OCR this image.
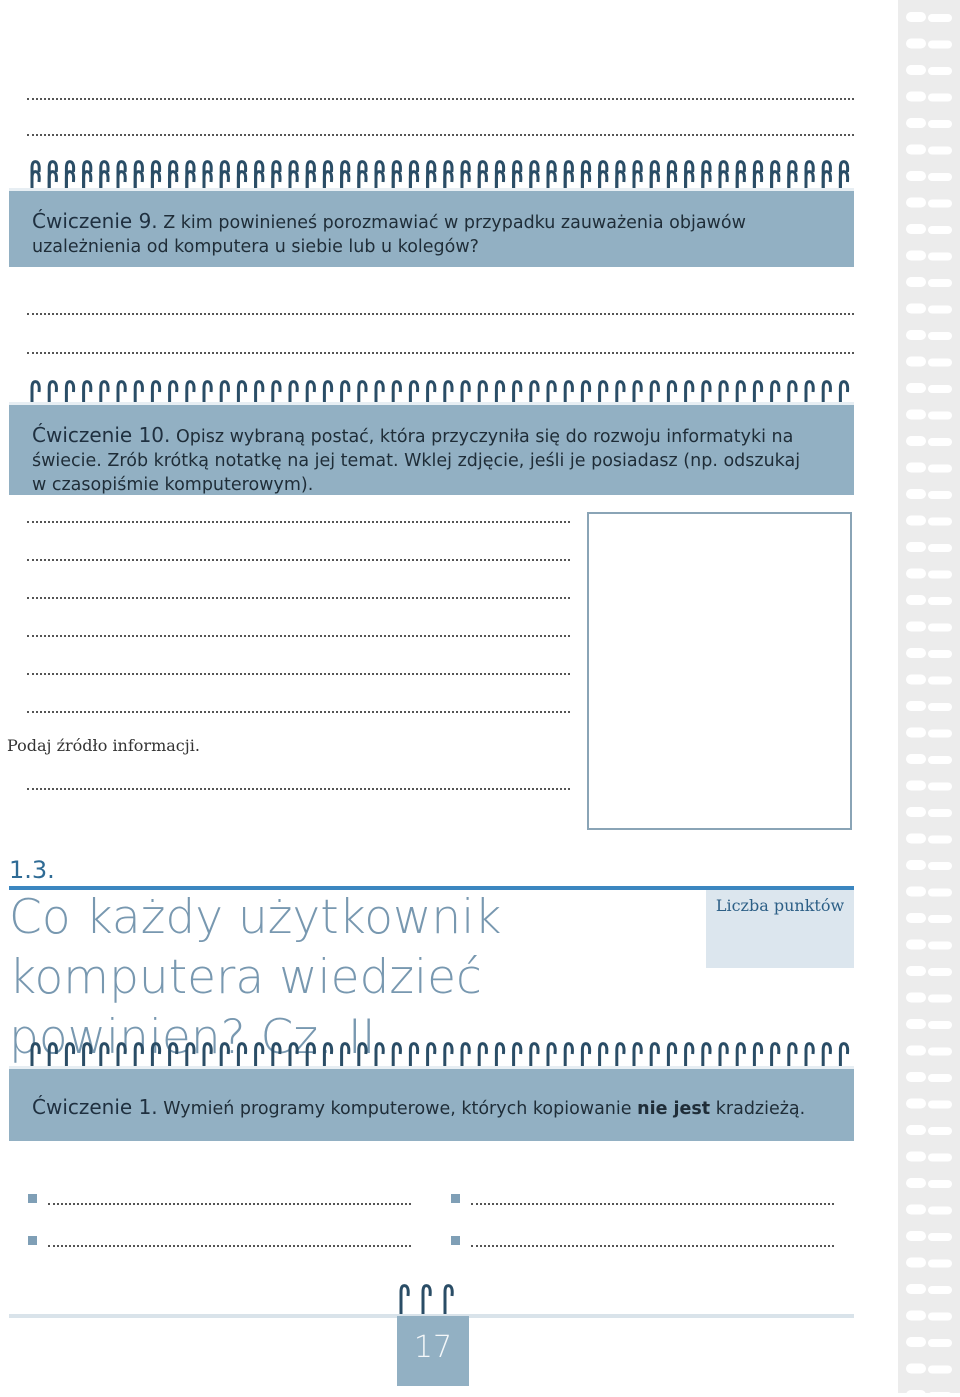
Ćwiczenie 9. Z kim powinieneś porozmawiać w przypadku zauważenia objawów uzależnienia od komputera u siebie lub u kolegów?
Ćwiczenie 10. Opisz wybraną postać, która przyczyniła się do rozwoju informatyki na świecie. Zrób krótką notatkę na jej temat. Wklej zdjęcie, jeśli je posiadasz (np. odszukaj w czasopiśmie komputerowym).
Podaj źródło informacji.
1.3.
Co każdy użytkownik komputera wiedzieć powinien? Cz. II
Liczba punktów
Ćwiczenie 1. Wymień programy komputerowe, których kopiowanie nie jest kradzieżą.
17
